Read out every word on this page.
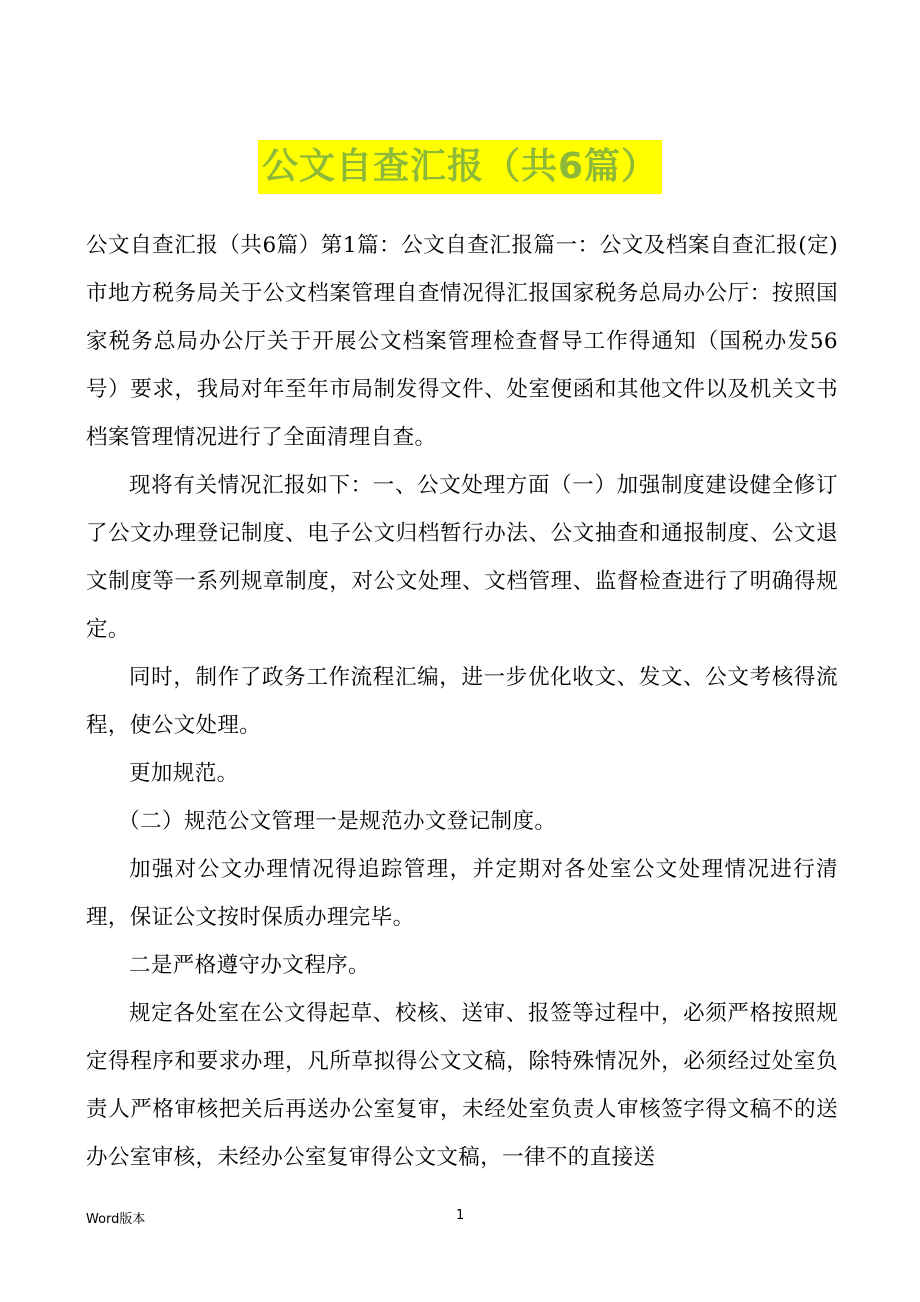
公文自查汇报（共6篇）

公文自查汇报（共6篇）第1篇：公文自查汇报篇一：公文及档案自查汇报(定)市地方税务局关于公文档案管理自查情况得汇报国家税务总局办公厅：按照国家税务总局办公厅关于开展公文档案管理检查督导工作得通知（国税办发56号）要求，我局对年至年市局制发得文件、处室便函和其他文件以及机关文书档案管理情况进行了全面清理自查。

现将有关情况汇报如下：一、公文处理方面（一）加强制度建设健全修订了公文办理登记制度、电子公文归档暂行办法、公文抽查和通报制度、公文退文制度等一系列规章制度，对公文处理、文档管理、监督检查进行了明确得规定。

同时，制作了政务工作流程汇编，进一步优化收文、发文、公文考核得流程，使公文处理。

更加规范。

（二）规范公文管理一是规范办文登记制度。

加强对公文办理情况得追踪管理，并定期对各处室公文处理情况进行清理，保证公文按时保质办理完毕。

二是严格遵守办文程序。

规定各处室在公文得起草、校核、送审、报签等过程中，必须严格按照规定得程序和要求办理，凡所草拟得公文文稿，除特殊情况外，必须经过处室负责人严格审核把关后再送办公室复审，未经处室负责人审核签字得文稿不的送办公室审核，未经办公室复审得公文文稿，一律不的直接送

Word版本	1
